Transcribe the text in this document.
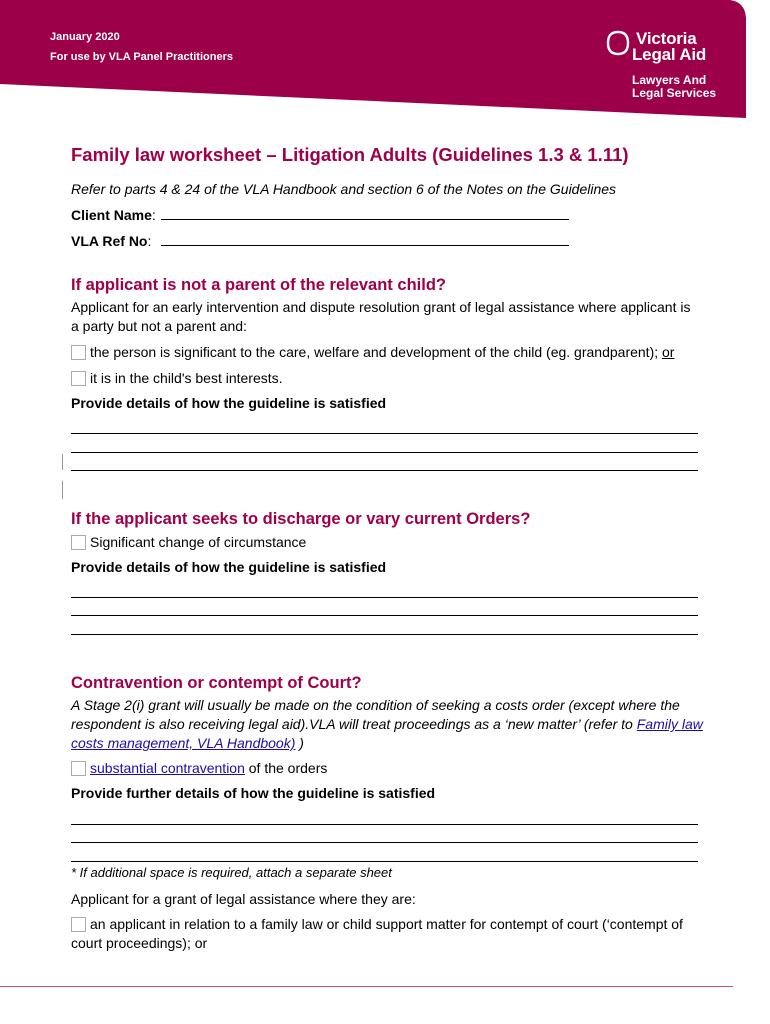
January 2020
For use by VLA Panel Practitioners
Victoria
Legal Aid
Lawyers And
Legal Services
Family law worksheet – Litigation Adults (Guidelines 1.3 & 1.11)
Refer to parts 4 & 24 of the VLA Handbook and section 6 of the Notes on the Guidelines
Client Name:
VLA Ref No:
If applicant is not a parent of the relevant child?
Applicant for an early intervention and dispute resolution grant of legal assistance where applicant is a party but not a parent and:
the person is significant to the care, welfare and development of the child (eg. grandparent); or
it is in the child's best interests.
Provide details of how the guideline is satisfied
If the applicant seeks to discharge or vary current Orders?
Significant change of circumstance
Provide details of how the guideline is satisfied
Contravention or contempt of Court?
A Stage 2(i) grant will usually be made on the condition of seeking a costs order (except where the respondent is also receiving legal aid).VLA will treat proceedings as a ‘new matter’ (refer to Family law costs management, VLA Handbook) )
substantial contravention of the orders
Provide further details of how the guideline is satisfied
* If additional space is required, attach a separate sheet
Applicant for a grant of legal assistance where they are:
an applicant in relation to a family law or child support matter for contempt of court (‘contempt of court proceedings); or
